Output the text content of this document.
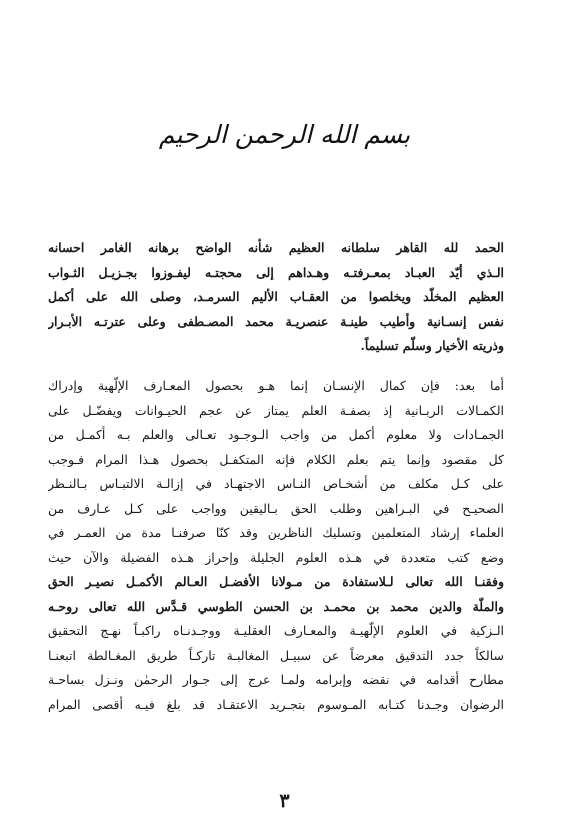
بسم الله الرحمن الرحيم
الحمد لله القاهر سلطانه العظيم شأنه الواضح برهانه الغامر احسانه
الـذي أيّد العبـاد بمعـرفتـه وهـداهم إلى محجتـه ليفـوزوا بجـزيـل الثـواب
العظيم المخلّد ويخلصوا من العقـاب الأليم السرمـد، وصلى الله على أكمل
نفس إنسـانية وأطيب طينـة عنصريـة محمد المصـطفى وعلى عترتـه الأبـرار
وذريته الأخيار وسلّم تسليماً.
أما بعد: فإن كمال الإنسـان إنما هـو بحصول المعـارف الإلّهية وإدراك
الكمـالات الربـانية إذ بصفـة العلم يمتاز عن عجم الحيـوانات ويفضّـل على
الجمـادات ولا معلوم أكمل من واجب الـوجـود تعـالى والعلم بـه أكمـل من
كل مقصود وإنما يتم بعلم الكلام فإنه المتكفـل بحصول هـذا المرام فـوجب
على كـل مكلف من أشخـاص النـاس الاجتهـاد في إزالـة الالتبـاس بـالنـظر
الصحيـح في البـراهين وطلب الحق بـاليقين وواجب على كـل عـارف من
العلماء إرشاد المتعلمين وتسليك الناظرين وقد كنّا صرفنـا مدة من العمـر في
وضع كتب متعددة في هـذه العلوم الجليلة وإحراز هـذه الفضيلة والآن حيث
وفقنـا الله تعالى لـلاستفادة من مـولانا الأفضـل العـالم الأكمـل نصيـر الحق
والملّة والدين محمد بن محمـد بن الحسن الطوسي قـدَّس الله تعالى روحـه
الـزكية في العلوم الإلّهيـة والمعـارف العقليـة ووجـدنـاه راكبـاً نهـج التحقيق
سالكاً جدد التدقيق معرضاً عن سبيـل المغالبـة تاركـاً طريق المغـالطة اتبعنـا
مطارح أقدامه في نقضه وإبرامه ولمـا عرج إلى جـوار الرحمٰن ونـزل بساحـة
الرضوان وجـدنا كتـابه المـوسوم بتجـريد الاعتقـاد قد بلغ فيـه أقصى المرام
٣
